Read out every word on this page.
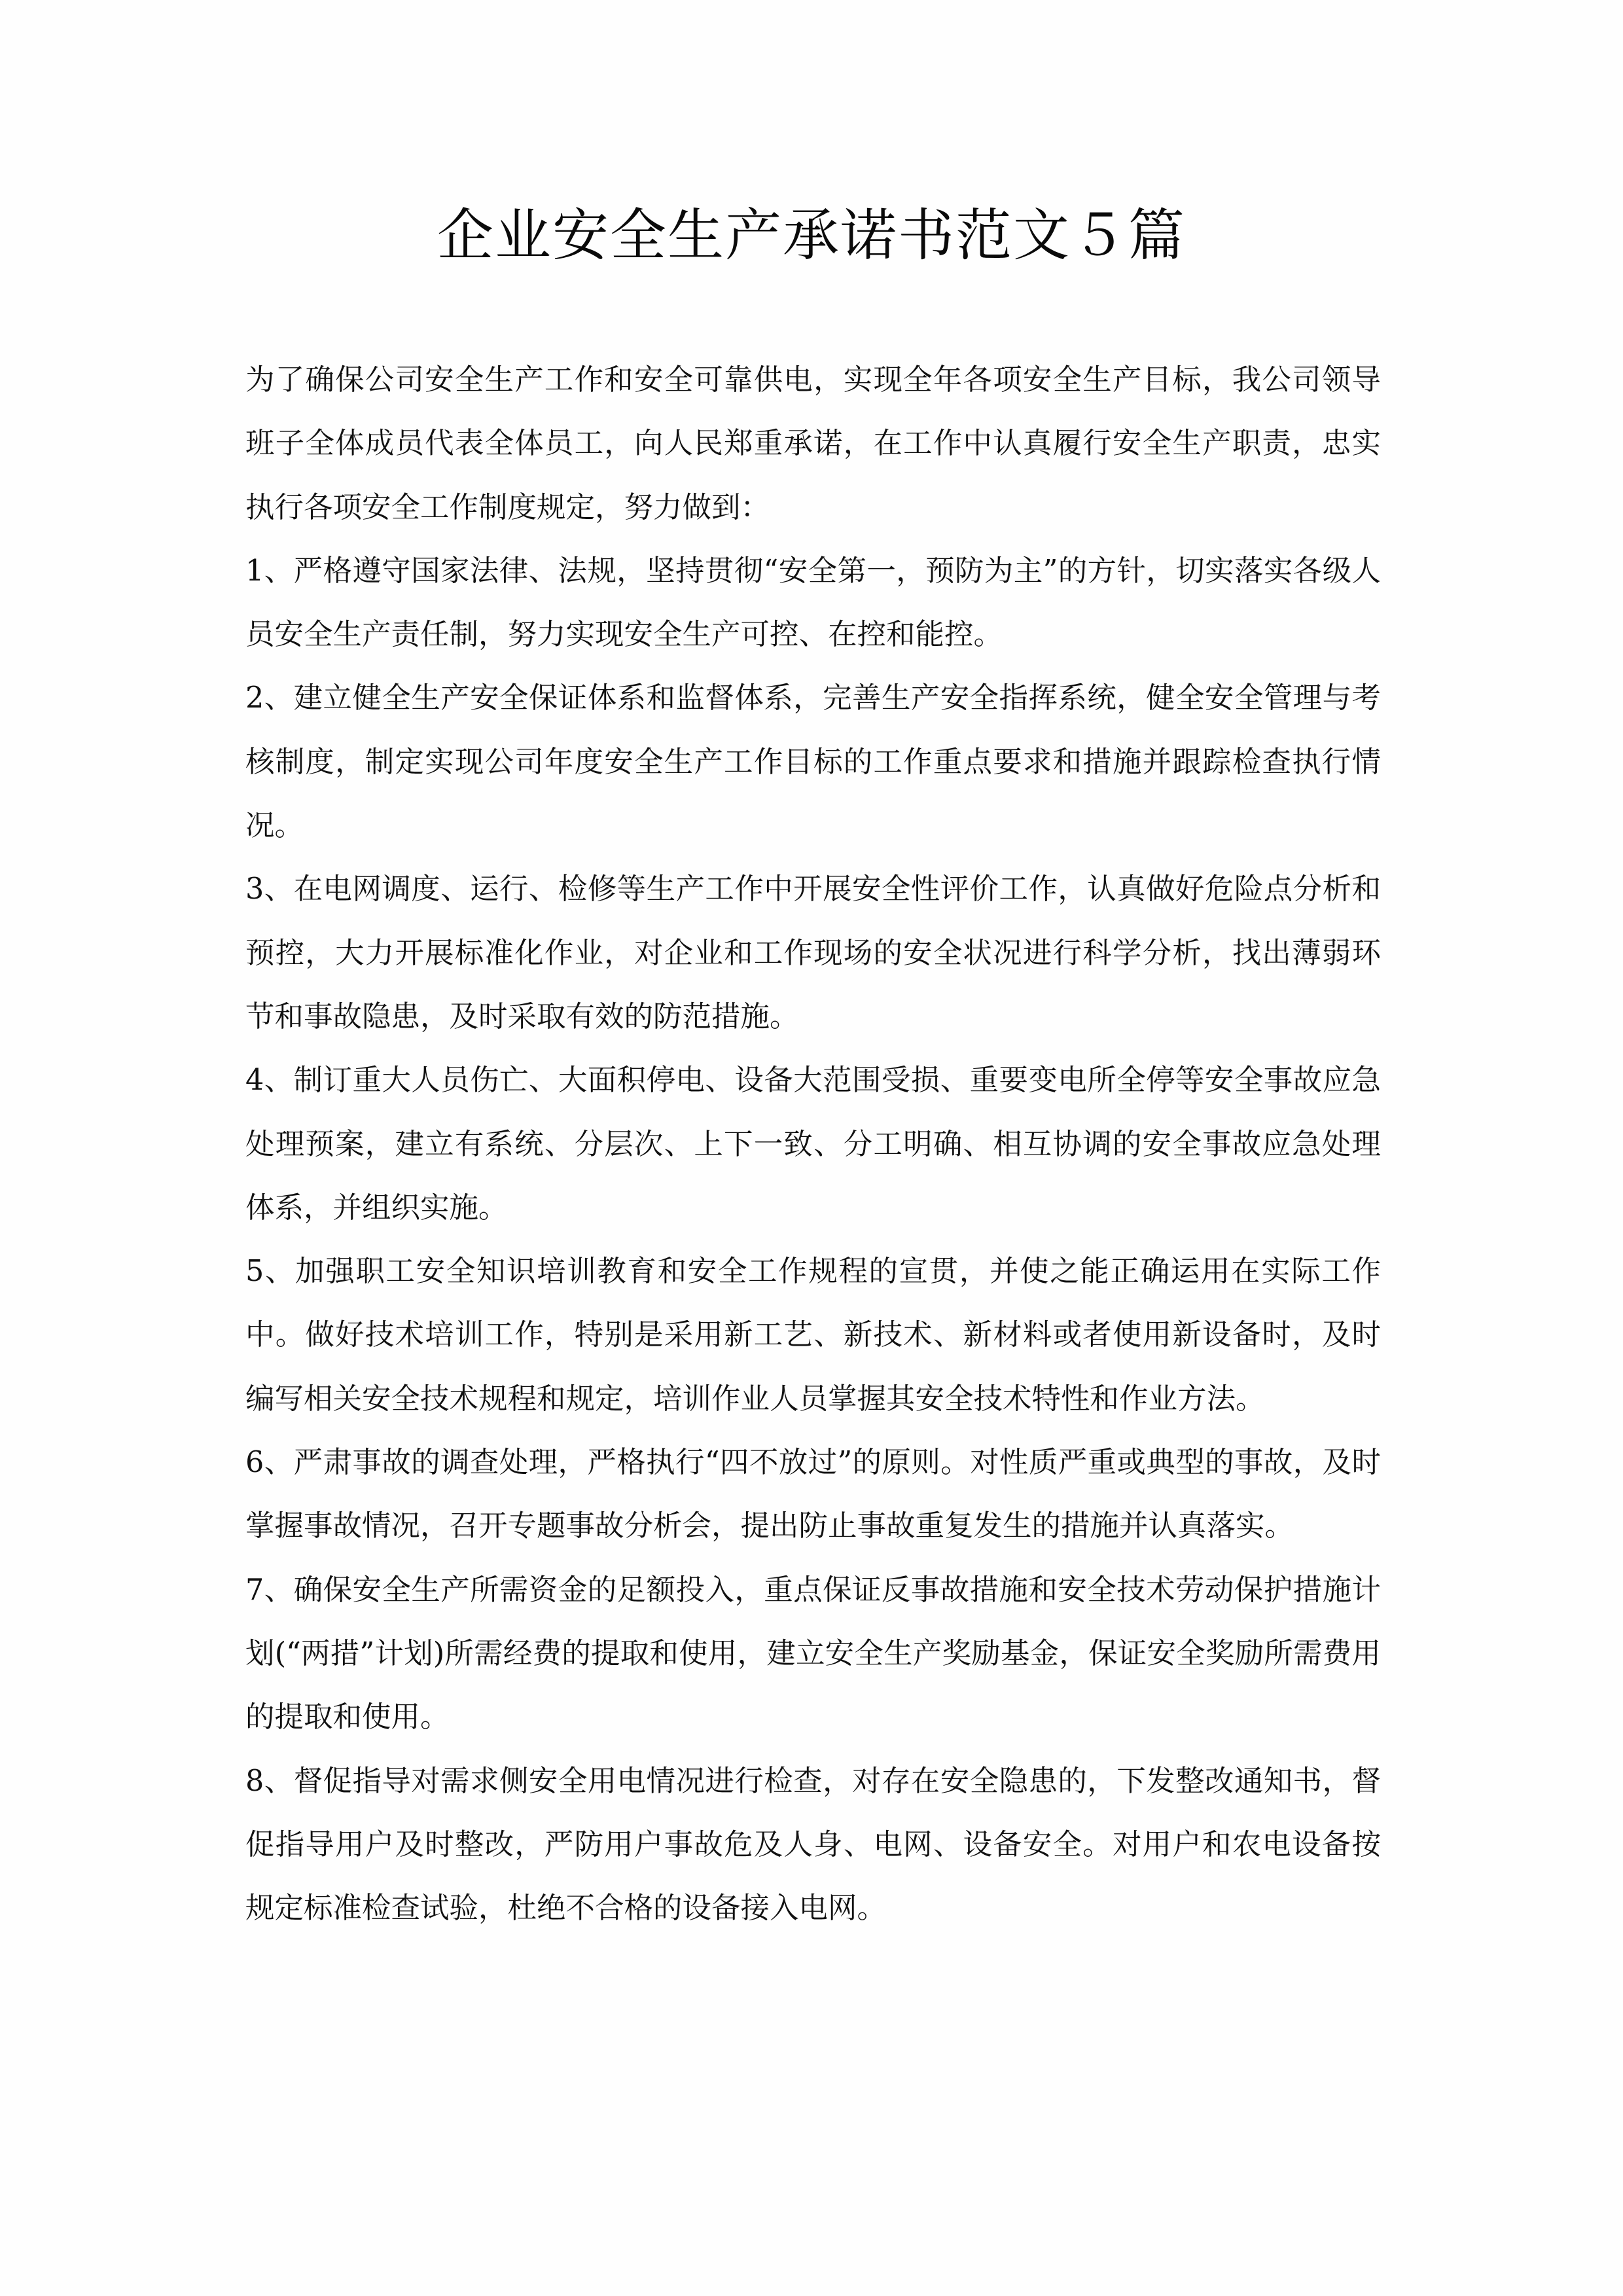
企业安全生产承诺书范文５篇

为了确保公司安全生产工作和安全可靠供电，实现全年各项安全生产目标，我公司领导班子全体成员代表全体员工，向人民郑重承诺，在工作中认真履行安全生产职责，忠实执行各项安全工作制度规定，努力做到：

1、严格遵守国家法律、法规，坚持贯彻“安全第一，预防为主”的方针，切实落实各级人员安全生产责任制，努力实现安全生产可控、在控和能控。

2、建立健全生产安全保证体系和监督体系，完善生产安全指挥系统，健全安全管理与考核制度，制定实现公司年度安全生产工作目标的工作重点要求和措施并跟踪检查执行情况。

3、在电网调度、运行、检修等生产工作中开展安全性评价工作，认真做好危险点分析和预控，大力开展标准化作业，对企业和工作现场的安全状况进行科学分析，找出薄弱环节和事故隐患，及时采取有效的防范措施。

4、制订重大人员伤亡、大面积停电、设备大范围受损、重要变电所全停等安全事故应急处理预案，建立有系统、分层次、上下一致、分工明确、相互协调的安全事故应急处理体系，并组织实施。

5、加强职工安全知识培训教育和安全工作规程的宣贯，并使之能正确运用在实际工作中。做好技术培训工作，特别是采用新工艺、新技术、新材料或者使用新设备时，及时编写相关安全技术规程和规定，培训作业人员掌握其安全技术特性和作业方法。

6、严肃事故的调查处理，严格执行“四不放过”的原则。对性质严重或典型的事故，及时掌握事故情况，召开专题事故分析会，提出防止事故重复发生的措施并认真落实。

7、确保安全生产所需资金的足额投入，重点保证反事故措施和安全技术劳动保护措施计划(“两措”计划)所需经费的提取和使用，建立安全生产奖励基金，保证安全奖励所需费用的提取和使用。

8、督促指导对需求侧安全用电情况进行检查，对存在安全隐患的，下发整改通知书，督促指导用户及时整改，严防用户事故危及人身、电网、设备安全。对用户和农电设备按规定标准检查试验，杜绝不合格的设备接入电网。
